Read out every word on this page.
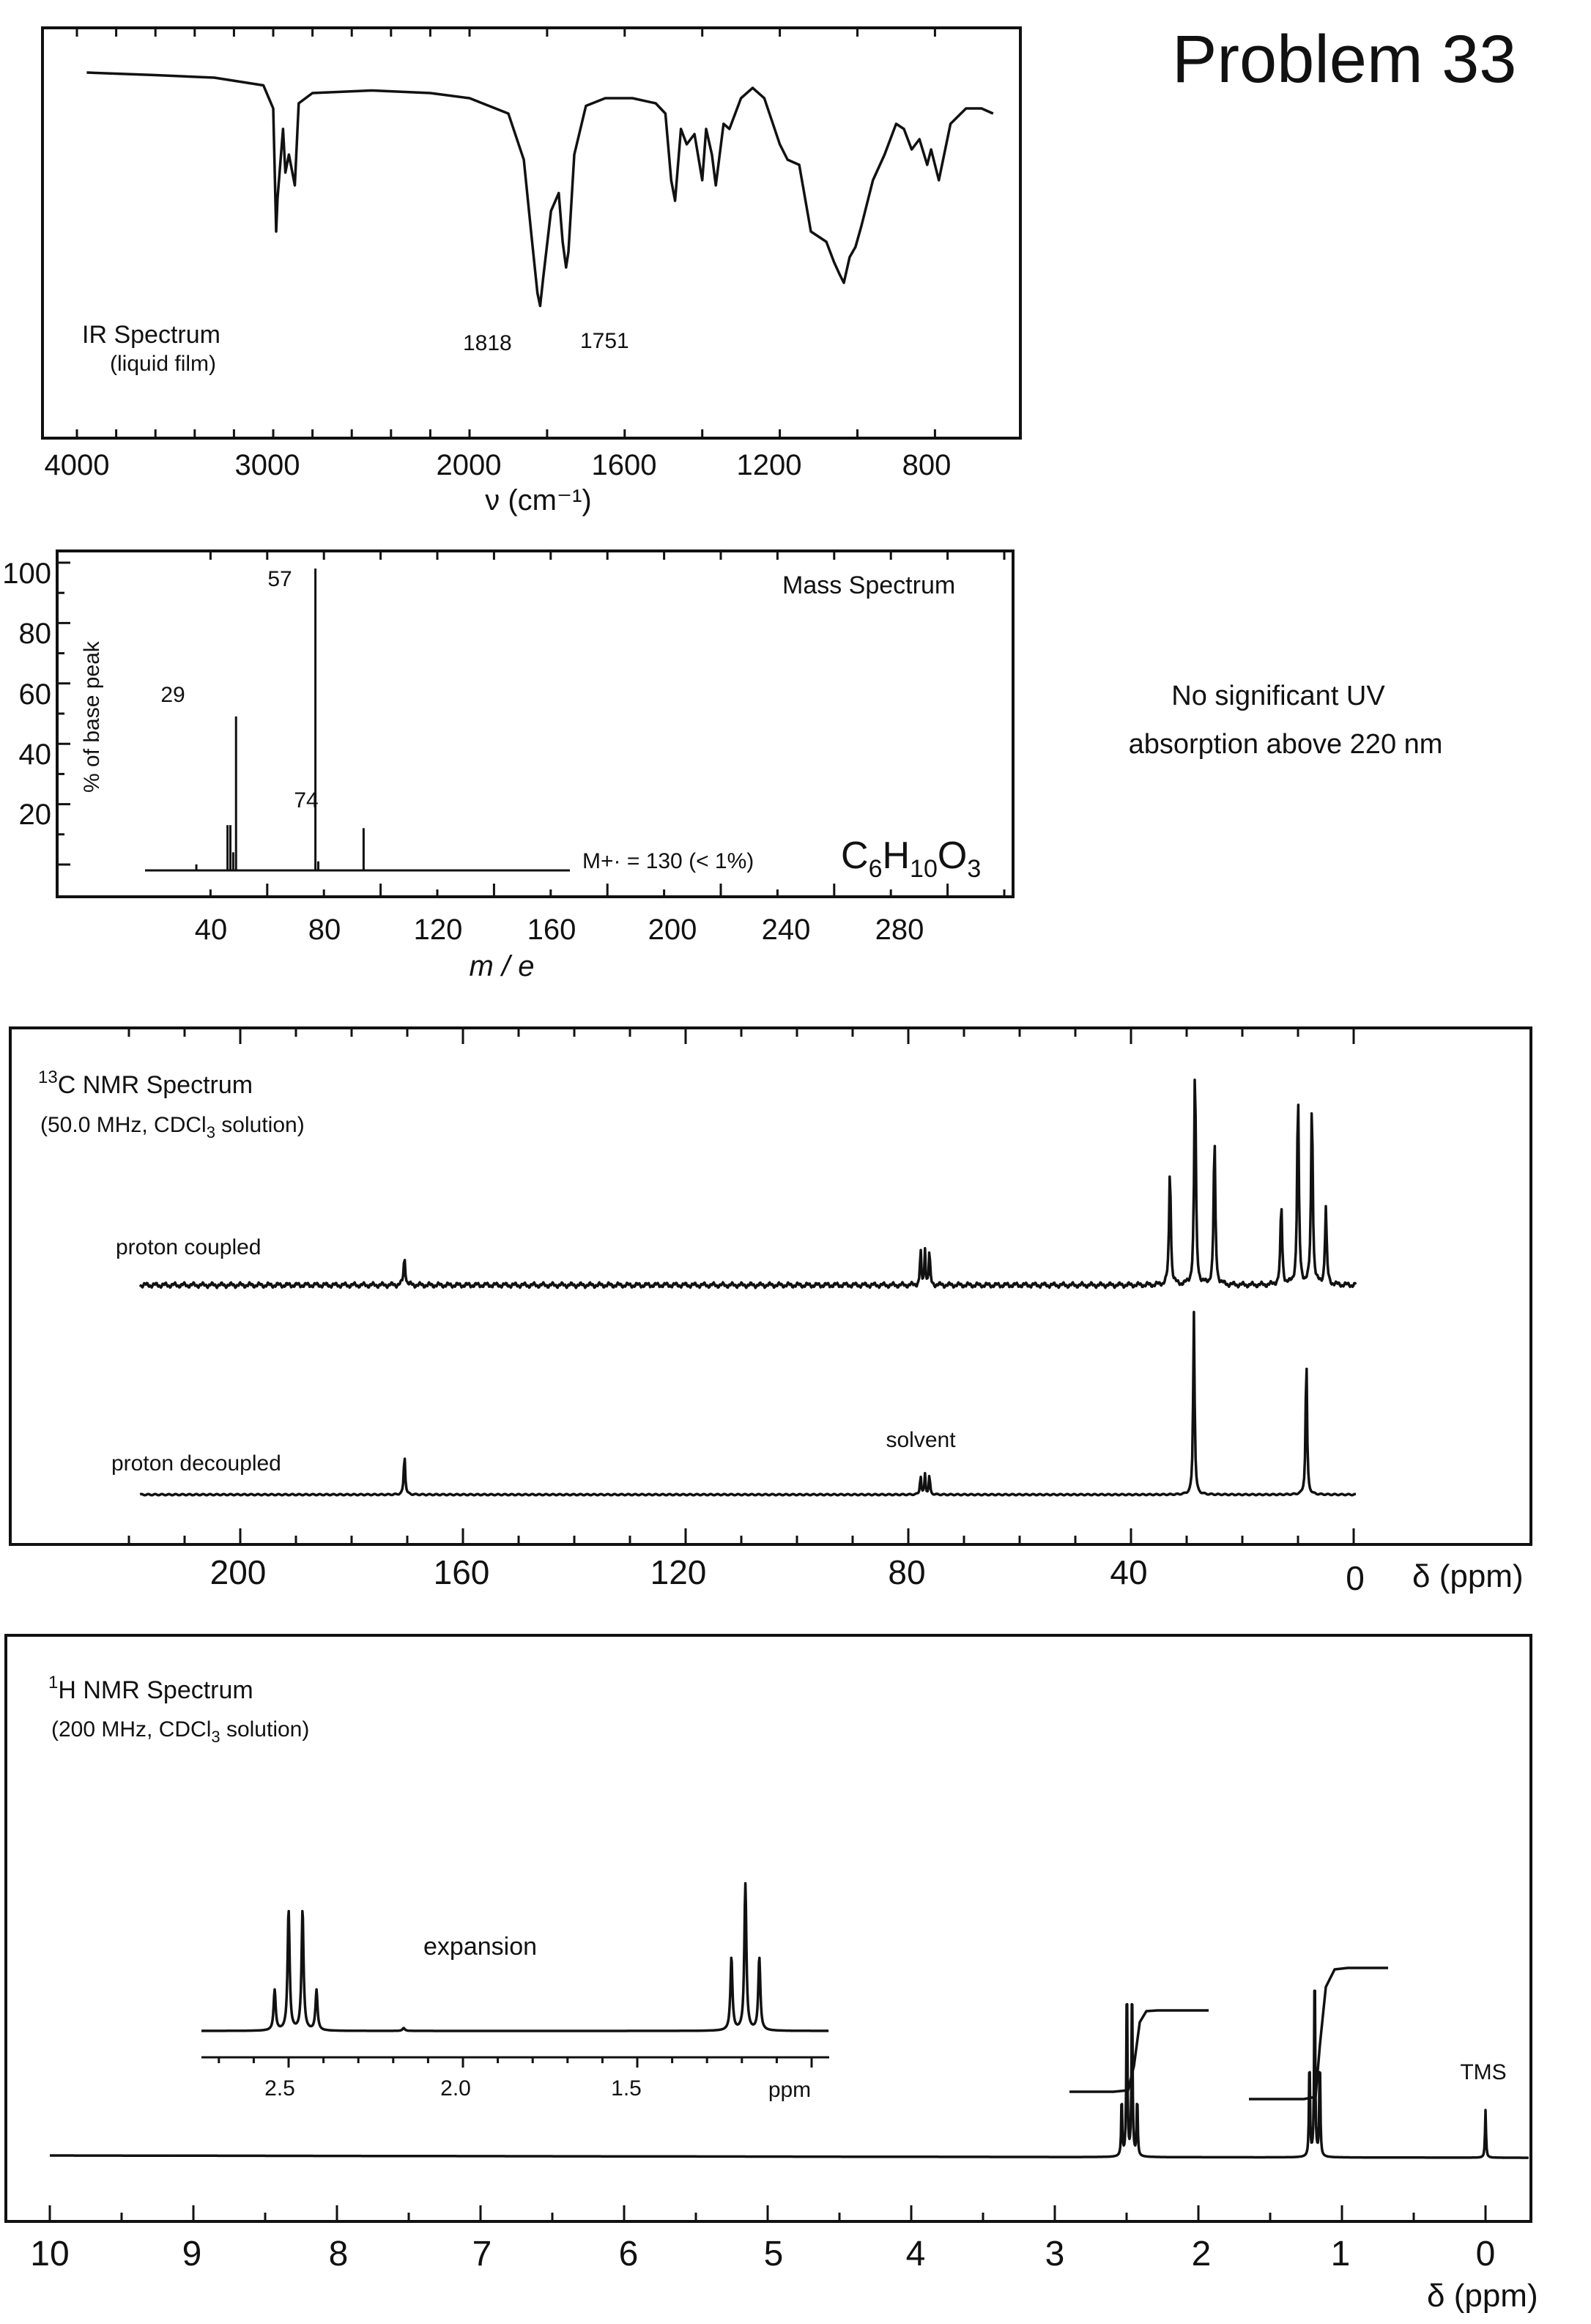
Problem 33
IR Spectrum
(liquid film)
1818	1751
4000	3000	2000	1600	1200	800
ν (cm⁻¹)
20
40
60
80
100
% of base peak
Mass Spectrum
29
57
74
M+· = 130 (< 1%) $C_6H_{10}O_3$
40	80 120 160 200 240 280
m / e
No significant UV
absorption above 220 nm
$^{13}$C NMR Spectrum
(50.0 MHz, CDCl$_3$ solution)
proton coupled
proton decoupled
solvent
200	160	120	80	40	0 δ (ppm)
$^1$H NMR Spectrum
(200 MHz, CDCl$_3$ solution)
TMS
expansion
2.5	2.0	1.5	ppm
10	9	8	7	6	5	4	3	2	1	0
δ (ppm)
